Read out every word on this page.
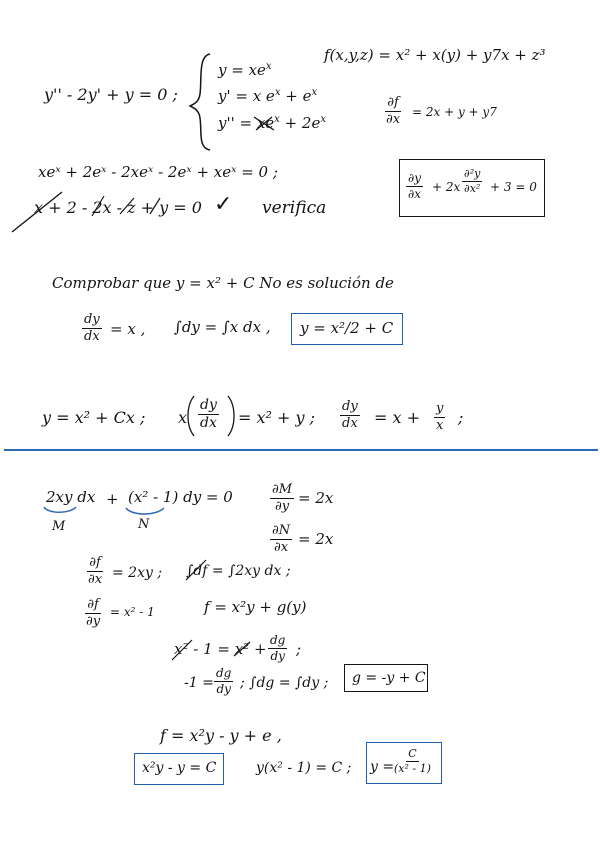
y'' - 2y' + y = 0 ;
$y = xe^x$
y' = x $e^x + e^x$
$y'' = xe^x + 2e^x$
f(x,y,z) = x² + x(y) + y7x + z³
$\frac{\partial f}{\partial x} = 2x + y + y7$
xeˣ + 2eˣ - 2xeˣ - 2eˣ + xeˣ = 0 ;
x + 2 - 2x - z + y = 0 ✓ verifica
$\frac{\partial y}{\partial x} + 2x \frac{\text{∂²y}}{\text{∂x²}} + 3 = 0$
Comprobar que y = x² + C No es solución de
$\frac{dy}{dx} = x$ , ∫dy = ∫x dx , y = x²/2 + C
y = x² + Cx ; x $\frac{dy}{dx} = x^2 + y$ ; $\frac{dy}{dx} = x + \frac{y}{x}$ ;
2xy dx + (x² - 1) dy = 0
M	N
$\frac{\partial M}{\partial y} = 2x$
$\frac{\partial N}{\partial x} = 2x$
$\frac{\partial f}{\partial x} = 2xy$ ; ∫df = ∫2xy dx ;
$\frac{\partial f}{\partial y} = x^2 - 1$	f = x²y + g(y)
$x^2 - 1 = x^2 + \frac{dg}{dy}$ ;
$-1 = \frac{dg}{dy}$ ; ∫dg = ∫dy ; g = -y + C
f = x²y - y + e ,
x²y - y = C	y(x² - 1) = C ; y =
$\frac{C}{\text{(x² - 1)}}$
